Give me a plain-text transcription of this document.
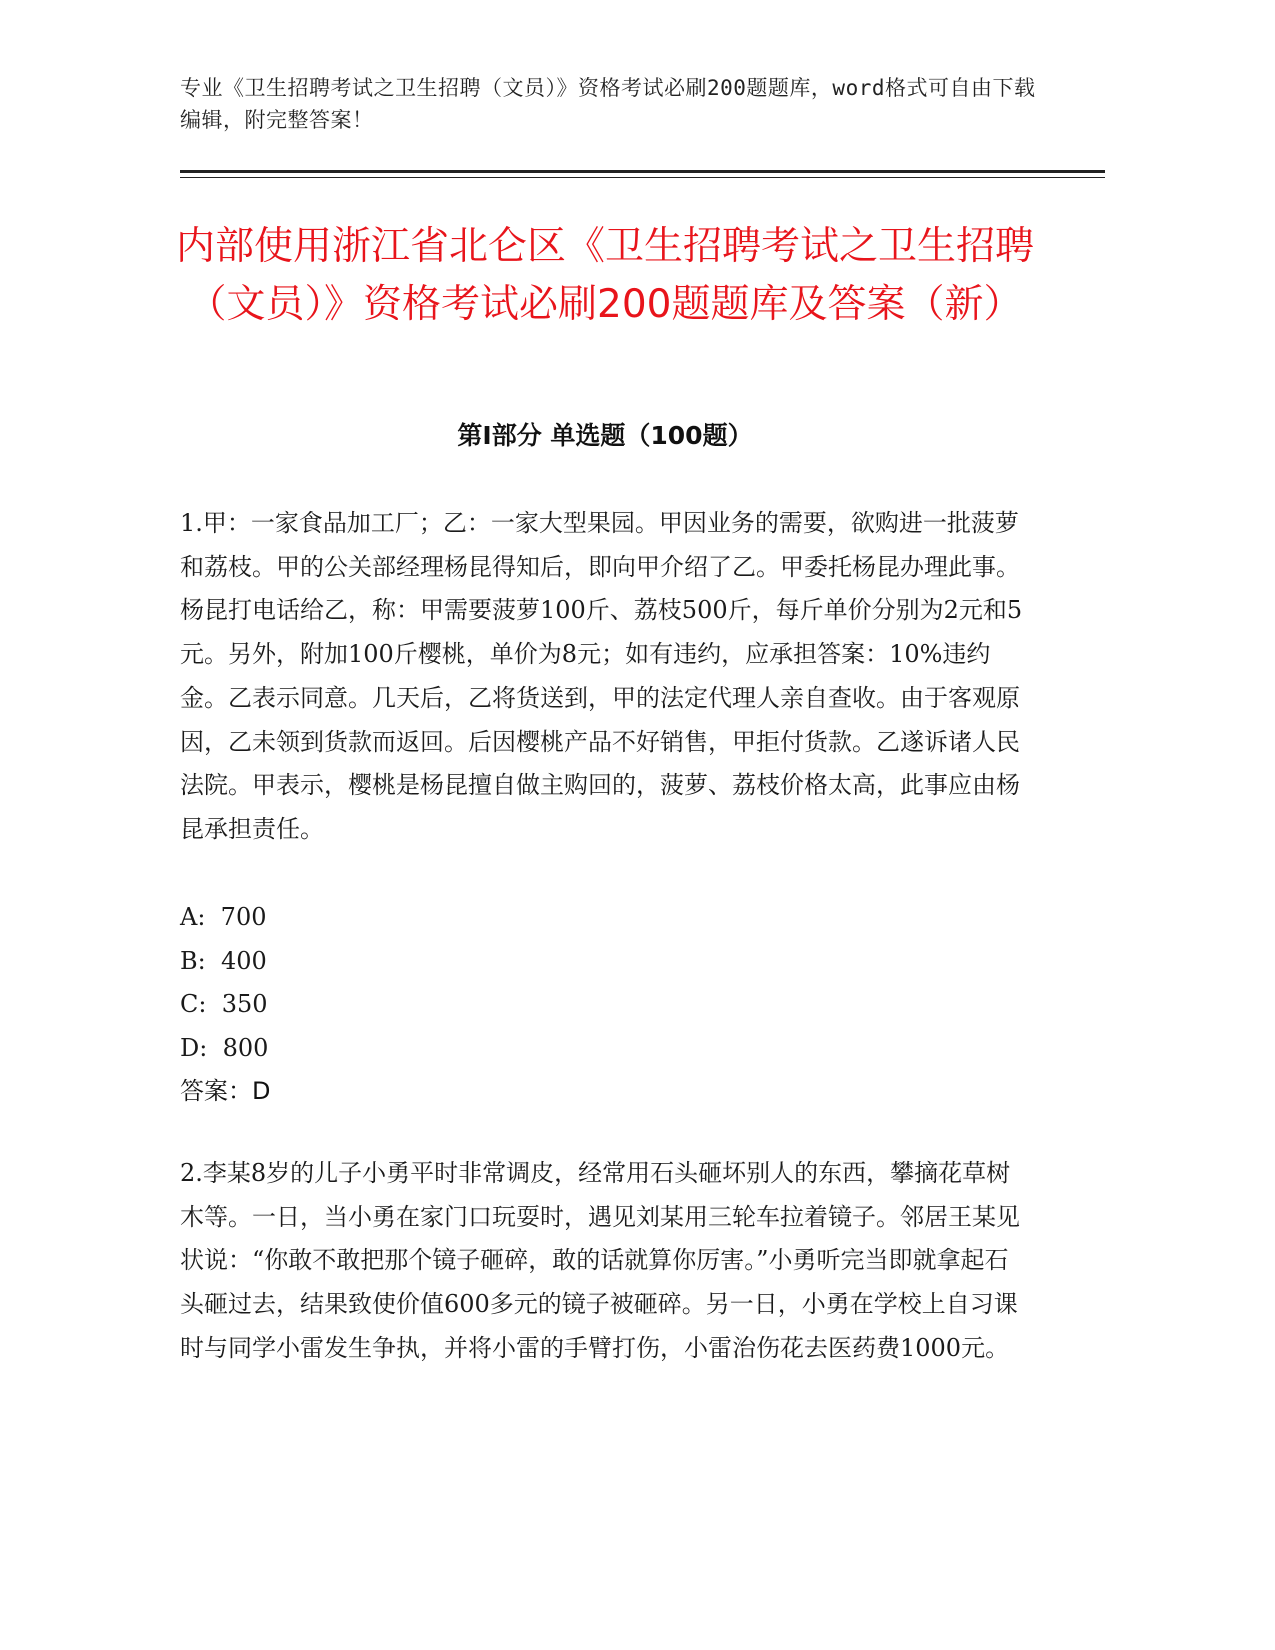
专业《卫生招聘考试之卫生招聘（文员）》资格考试必刷200题题库，word格式可自由下载编辑，附完整答案！
内部使用浙江省北仑区《卫生招聘考试之卫生招聘（文员）》资格考试必刷200题题库及答案（新）
第I部分 单选题（100题）

1.甲：一家食品加工厂；乙：一家大型果园。甲因业务的需要，欲购进一批菠萝和荔枝。甲的公关部经理杨昆得知后，即向甲介绍了乙。甲委托杨昆办理此事。杨昆打电话给乙，称：甲需要菠萝100斤、荔枝500斤，每斤单价分别为2元和5元。另外，附加100斤樱桃，单价为8元；如有违约，应承担答案：10%违约金。乙表示同意。几天后，乙将货送到，甲的法定代理人亲自查收。由于客观原因，乙未领到货款而返回。后因樱桃产品不好销售，甲拒付货款。乙遂诉诸人民法院。甲表示，樱桃是杨昆擅自做主购回的，菠萝、荔枝价格太高，此事应由杨昆承担责任。

A:  700
B:  400
C:  350
D:  800

答案：D

2.李某8岁的儿子小勇平时非常调皮，经常用石头砸坏别人的东西，攀摘花草树木等。一日，当小勇在家门口玩耍时，遇见刘某用三轮车拉着镜子。邻居王某见状说：“你敢不敢把那个镜子砸碎，敢的话就算你厉害。”小勇听完当即就拿起石头砸过去，结果致使价值600多元的镜子被砸碎。另一日，小勇在学校上自习课时与同学小雷发生争执，并将小雷的手臂打伤，小雷治伤花去医药费1000元。
